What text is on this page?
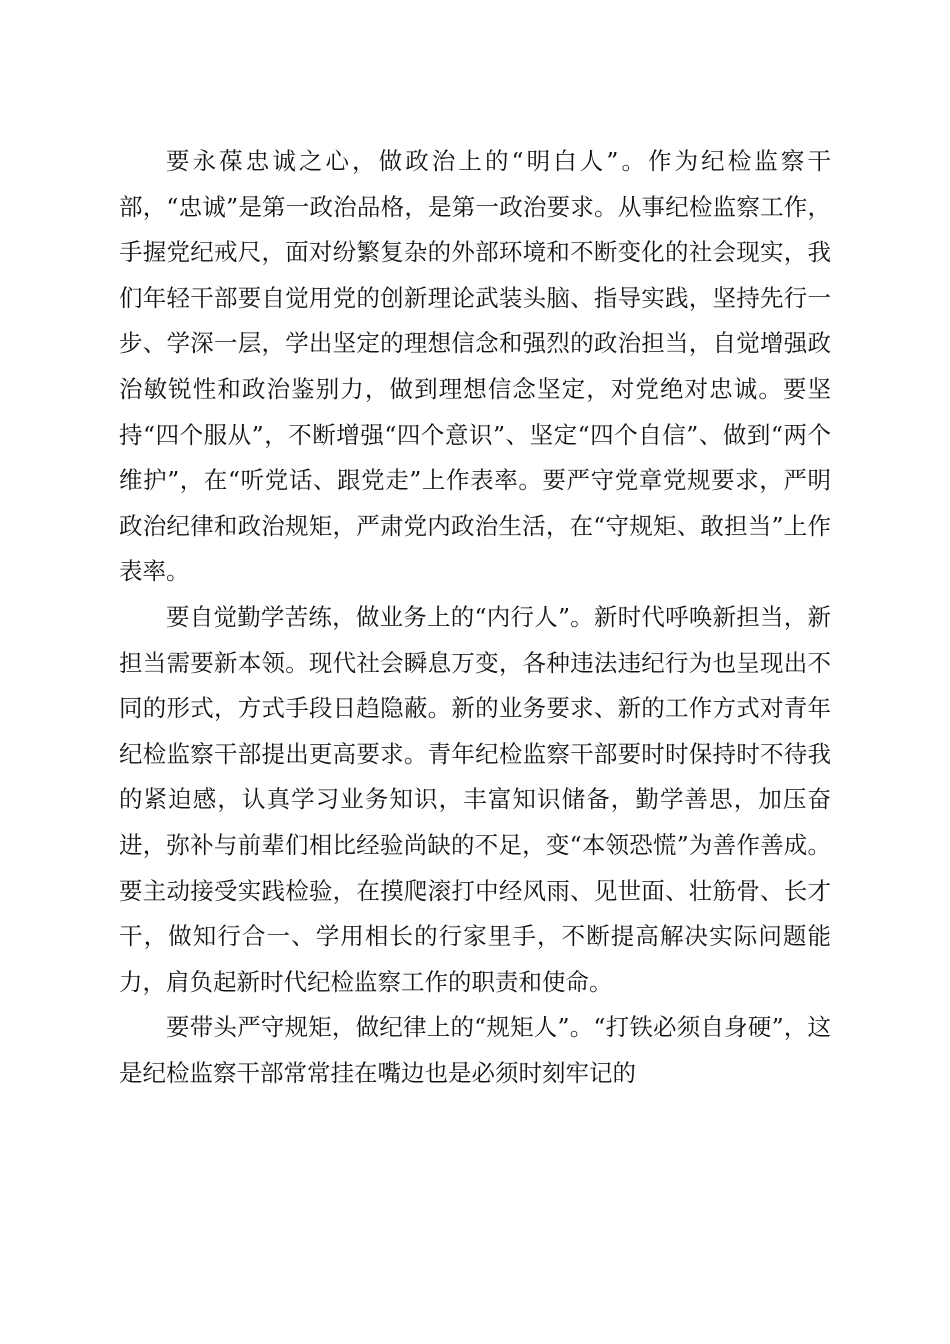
要永葆忠诚之心，做政治上的“明白人”。作为纪检监察干部，“忠诚”是第一政治品格，是第一政治要求。从事纪检监察工作，手握党纪戒尺，面对纷繁复杂的外部环境和不断变化的社会现实，我们年轻干部要自觉用党的创新理论武装头脑、指导实践，坚持先行一步、学深一层，学出坚定的理想信念和强烈的政治担当，自觉增强政治敏锐性和政治鉴别力，做到理想信念坚定，对党绝对忠诚。要坚持“四个服从”，不断增强“四个意识”、坚定“四个自信”、做到“两个维护”，在“听党话、跟党走”上作表率。要严守党章党规要求，严明政治纪律和政治规矩，严肃党内政治生活，在“守规矩、敢担当”上作表率。

要自觉勤学苦练，做业务上的“内行人”。新时代呼唤新担当，新担当需要新本领。现代社会瞬息万变，各种违法违纪行为也呈现出不同的形式，方式手段日趋隐蔽。新的业务要求、新的工作方式对青年纪检监察干部提出更高要求。青年纪检监察干部要时时保持时不待我的紧迫感，认真学习业务知识，丰富知识储备，勤学善思，加压奋进，弥补与前辈们相比经验尚缺的不足，变“本领恐慌”为善作善成。要主动接受实践检验，在摸爬滚打中经风雨、见世面、壮筋骨、长才干，做知行合一、学用相长的行家里手，不断提高解决实际问题能力，肩负起新时代纪检监察工作的职责和使命。

要带头严守规矩，做纪律上的“规矩人”。“打铁必须自身硬”，这是纪检监察干部常常挂在嘴边也是必须时刻牢记的
